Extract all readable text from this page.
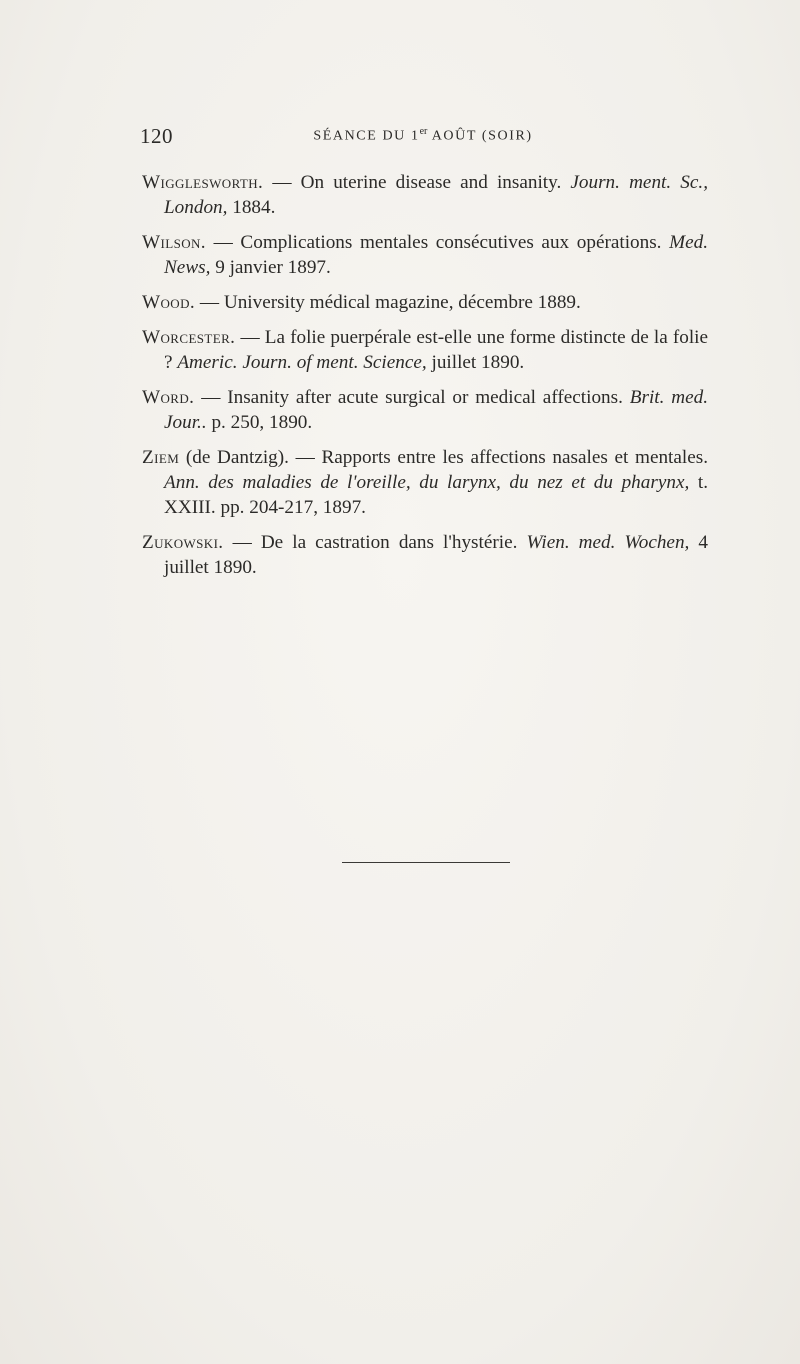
120	SÉANCE DU 1er AOÛT (SOIR)

Wigglesworth. — On uterine disease and insanity. Journ. ment. Sc., London, 1884.

Wilson. — Complications mentales consécutives aux opérations. Med. News, 9 janvier 1897.

Wood. — University médical magazine, décembre 1889.

Worcester. — La folie puerpérale est-elle une forme distincte de la folie ? Americ. Journ. of ment. Science, juillet 1890.

Word. — Insanity after acute surgical or medical affections. Brit. med. Jour.. p. 250, 1890.

Ziem (de Dantzig). — Rapports entre les affections nasales et mentales. Ann. des maladies de l'oreille, du larynx, du nez et du pharynx, t. XXIII. pp. 204-217, 1897.

Zukowski. — De la castration dans l'hystérie. Wien. med. Wochen, 4 juillet 1890.
